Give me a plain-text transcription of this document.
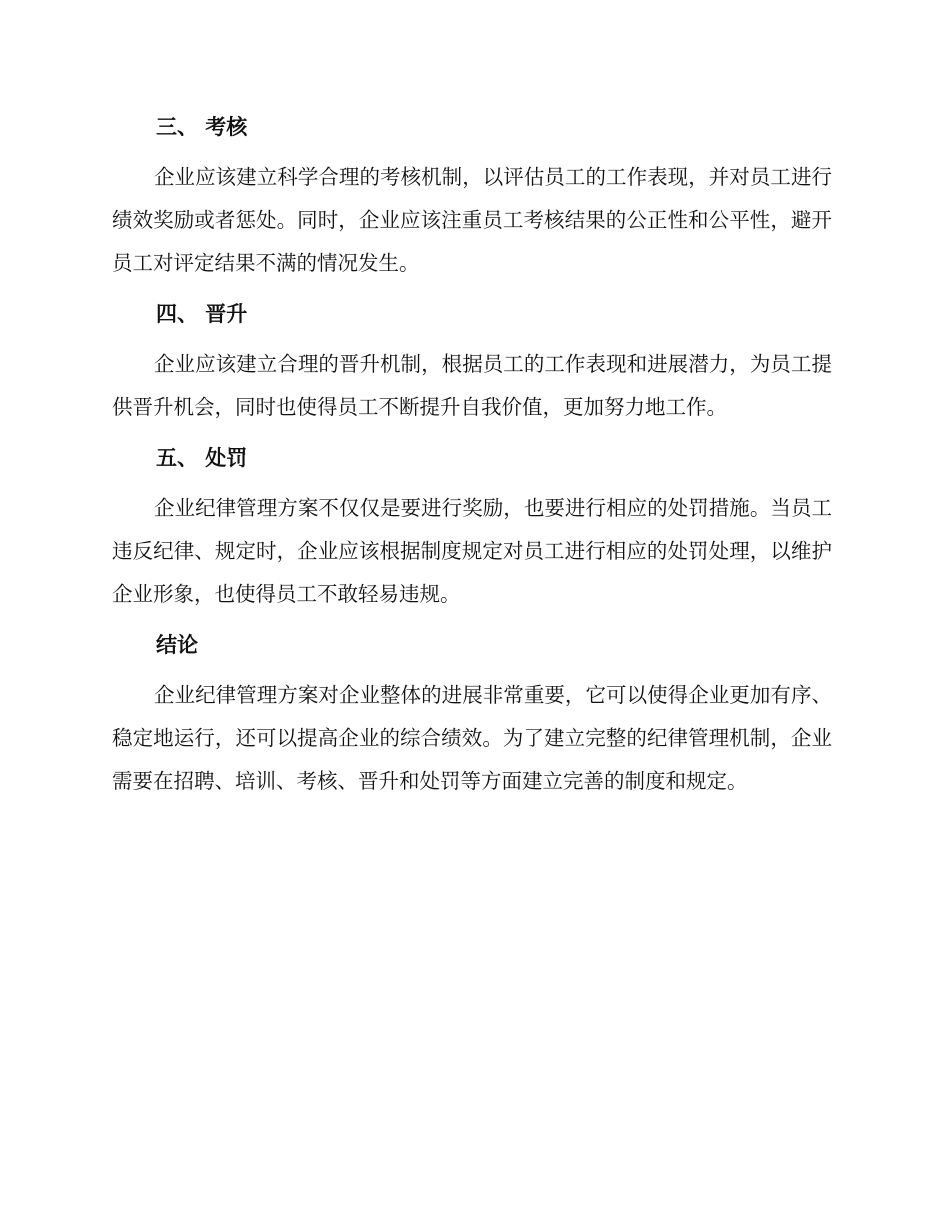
三、 考核

企业应该建立科学合理的考核机制，以评估员工的工作表现，并对员工进行绩效奖励或者惩处。同时，企业应该注重员工考核结果的公正性和公平性，避开员工对评定结果不满的情况发生。

四、 晋升

企业应该建立合理的晋升机制，根据员工的工作表现和进展潜力，为员工提供晋升机会，同时也使得员工不断提升自我价值，更加努力地工作。

五、 处罚

企业纪律管理方案不仅仅是要进行奖励，也要进行相应的处罚措施。当员工违反纪律、规定时，企业应该根据制度规定对员工进行相应的处罚处理，以维护企业形象，也使得员工不敢轻易违规。

结论

企业纪律管理方案对企业整体的进展非常重要，它可以使得企业更加有序、稳定地运行，还可以提高企业的综合绩效。为了建立完整的纪律管理机制，企业需要在招聘、培训、考核、晋升和处罚等方面建立完善的制度和规定。
